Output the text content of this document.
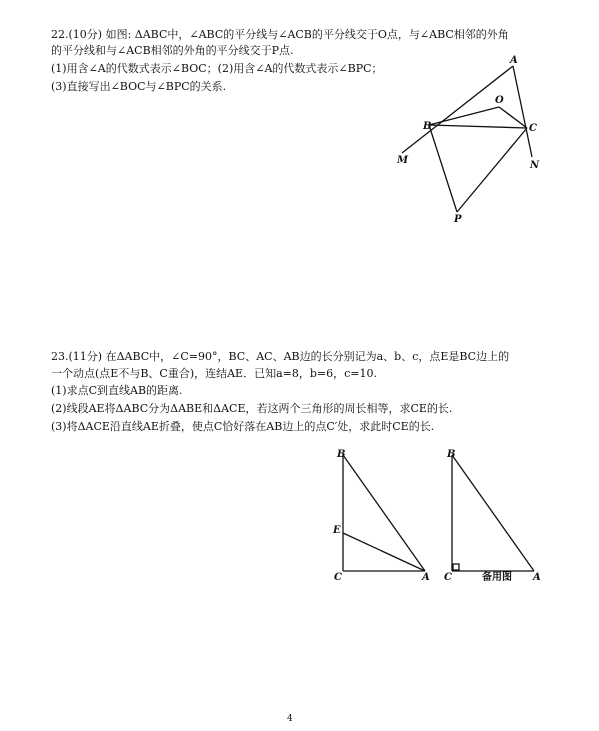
22.(10分) 如图: ΔABC中，∠ABC的平分线与∠ACB的平分线交于O点，与∠ABC相邻的外角
的平分线和与∠ACB相邻的外角的平分线交于P点.
(1)用含∠A的代数式表示∠BOC；(2)用含∠A的代数式表示∠BPC；
(3)直接写出∠BOC与∠BPC的关系.
A
O
B	C
M	N
P
23.(11分) 在ΔABC中，∠C=90°，BC、AC、AB边的长分别记为a、b、c，点E是BC边上的
一个动点(点E不与B、C重合)，连结AE．已知a=8，b=6，c=10.
(1)求点C到直线AB的距离.
(2)线段AE将ΔABC分为ΔABE和ΔACE，若这两个三角形的周长相等，求CE的长.
(3)将ΔACE沿直线AE折叠，使点C恰好落在AB边上的点C′处，求此时CE的长.
B
E
C	A
B
C	A
备用图
4
